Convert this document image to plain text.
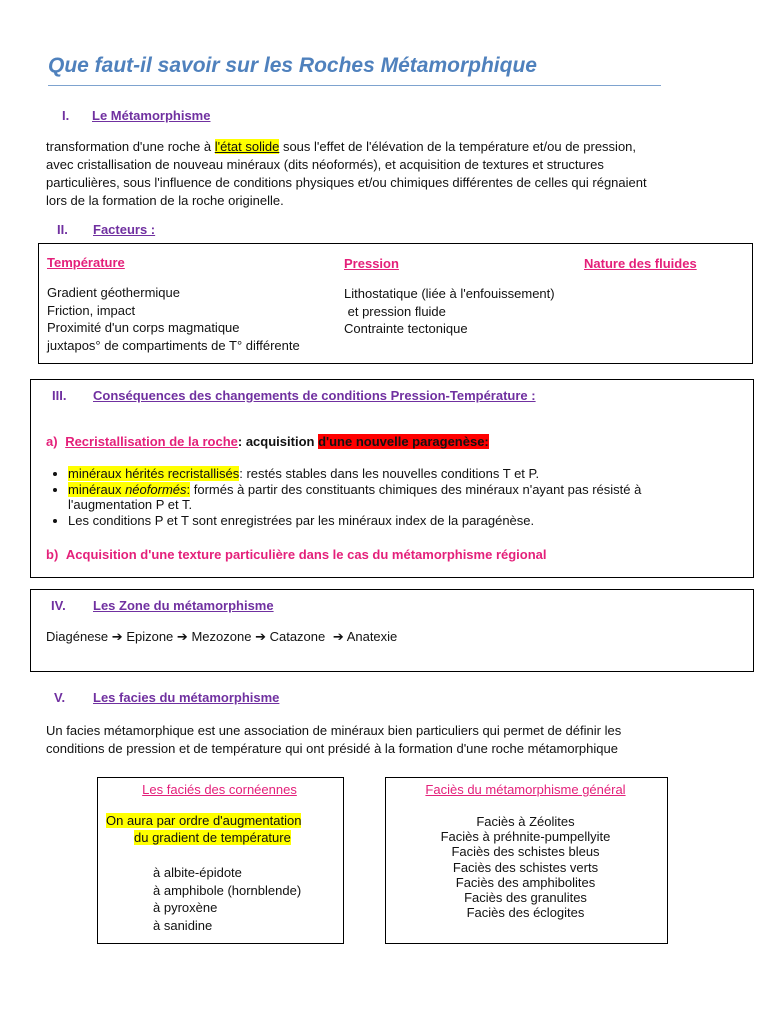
Que faut-il savoir sur les Roches Métamorphique
I. Le Métamorphisme
transformation d'une roche à l'état solide sous l'effet de l'élévation de la température et/ou de pression,
avec cristallisation de nouveau minéraux (dits néoformés), et acquisition de textures et structures
particulières, sous l'influence de conditions physiques et/ou chimiques différentes de celles qui régnaient
lors de la formation de la roche originelle.
II. Facteurs :
Température
Gradient géothermique
Friction, impact
Proximité d'un corps magmatique
juxtapos° de compartiments de T° différente
Pression
Lithostatique (liée à l'enfouissement)
et pression fluide
Contrainte tectonique
Nature des fluides
III. Conséquences des changements de conditions Pression-Température :
a) Recristallisation de la roche: acquisition d'une nouvelle paragenèse:
• minéraux hérités recristallisés: restés stables dans les nouvelles conditions T et P.
• minéraux néoformés: formés à partir des constituants chimiques des minéraux n'ayant pas résisté à
l'augmentation P et T.
• Les conditions P et T sont enregistrées par les minéraux index de la paragénèse.
b) Acquisition d'une texture particulière dans le cas du métamorphisme régional
IV. Les Zone du métamorphisme
Diagénese ➔ Epizone ➔ Mezozone ➔ Catazone ➔ Anatexie
V. Les facies du métamorphisme
Un facies métamorphique est une association de minéraux bien particuliers qui permet de définir les
conditions de pression et de température qui ont présidé à la formation d'une roche métamorphique
Les faciés des cornéennes
On aura par ordre d'augmentation
du gradient de température
à albite-épidote
à amphibole (hornblende)
à pyroxène
à sanidine
Faciès du métamorphisme général
Faciès à Zéolites
Faciès à préhnite-pumpellyite
Faciès des schistes bleus
Faciès des schistes verts
Faciès des amphibolites
Faciès des granulites
Faciès des éclogites
